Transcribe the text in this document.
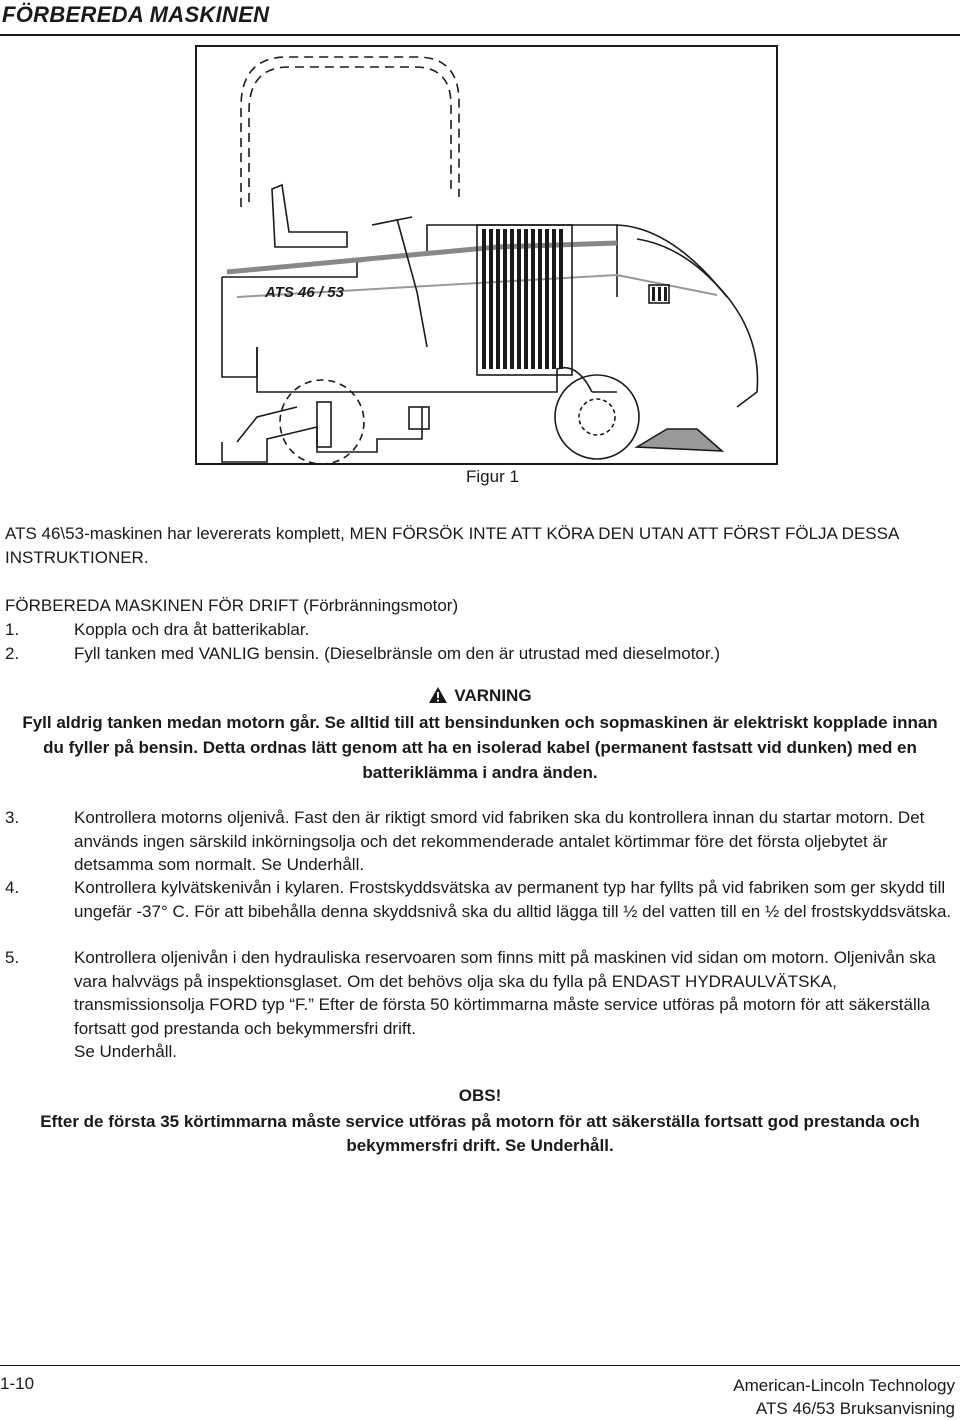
FÖRBEREDA MASKINEN
ATS 46 / 53
Figur 1
ATS 46\53-maskinen har levererats komplett, MEN FÖRSÖK INTE ATT KÖRA DEN UTAN ATT FÖRST FÖLJA DESSA INSTRUKTIONER.
FÖRBEREDA MASKINEN FÖR DRIFT (Förbränningsmotor)
1.	Koppla och dra åt batterikablar.
2.	Fyll tanken med VANLIG bensin. (Dieselbränsle om den är utrustad med dieselmotor.)
VARNING
Fyll aldrig tanken medan motorn går. Se alltid till att bensindunken och sopmaskinen är elektriskt kopplade innan du fyller på bensin. Detta ordnas lätt genom att ha en isolerad kabel (permanent fastsatt vid dunken) med en batteriklämma i andra änden.
3.	Kontrollera motorns oljenivå. Fast den är riktigt smord vid fabriken ska du kontrollera innan du startar motorn. Det används ingen särskild inkörningsolja och det rekommenderade antalet körtimmar före det första oljebytet är detsamma som normalt. Se Underhåll.
4.	Kontrollera kylvätskenivån i kylaren. Frostskyddsvätska av permanent typ har fyllts på vid fabriken som ger skydd till ungefär -37° C. För att bibehålla denna skyddsnivå ska du alltid lägga till ½ del vatten till en ½ del frostskyddsvätska.
5.	Kontrollera oljenivån i den hydrauliska reservoaren som finns mitt på maskinen vid sidan om motorn. Oljenivån ska vara halvvägs på inspektionsglaset. Om det behövs olja ska du fylla på ENDAST HYDRAULVÄTSKA, transmissionsolja FORD typ “F.” Efter de första 50 körtimmarna måste service utföras på motorn för att säkerställa fortsatt god prestanda och bekymmersfri drift.
Se Underhåll.
OBS!
Efter de första 35 körtimmarna måste service utföras på motorn för att säkerställa fortsatt god prestanda och bekymmersfri drift. Se Underhåll.
1-10	American-Lincoln Technology
ATS 46/53 Bruksanvisning
